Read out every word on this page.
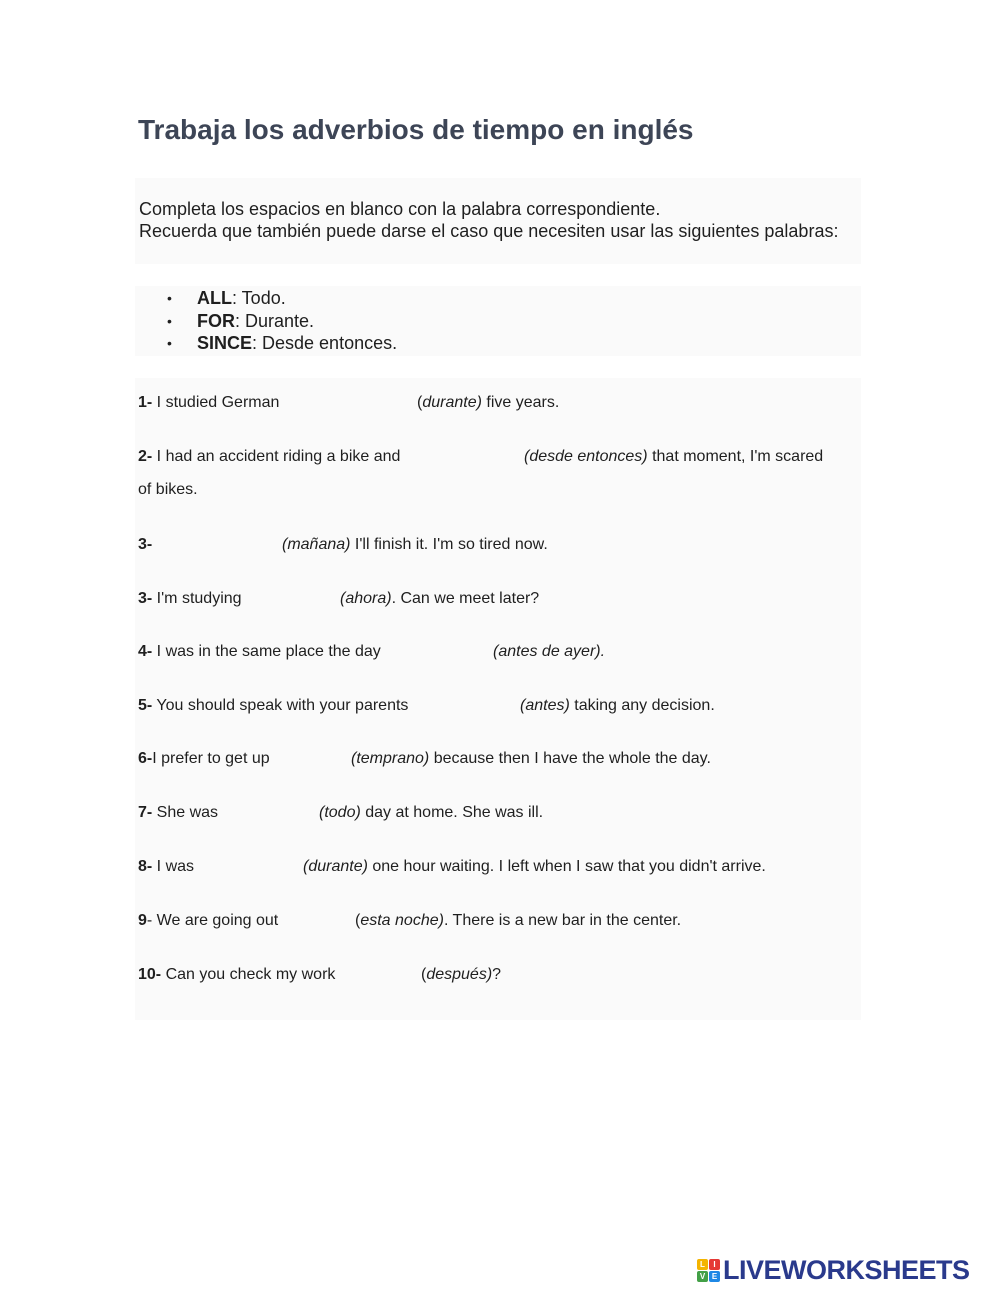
Trabaja los adverbios de tiempo en inglés

Completa los espacios en blanco con la palabra correspondiente.

Recuerda que también puede darse el caso que necesiten usar las siguientes palabras:

• ALL: Todo.
• FOR: Durante.
• SINCE: Desde entonces.
1- I studied German	(durante) five years.
2- I had an accident riding a bike and	(desde entonces) that moment, I'm scared
of bikes.
3-	(mañana) I'll finish it. I'm so tired now.
3- I'm studying	(ahora). Can we meet later?
4- I was in the same place the day	(antes de ayer).
5- You should speak with your parents	(antes) taking any decision.
6-I prefer to get up	(temprano) because then I have the whole the day.
7- She was	(todo) day at home. She was ill.
8- I was	(durante) one hour waiting. I left when I saw that you didn't arrive.
9- We are going out	(esta noche). There is a new bar in the center.
10- Can you check my work	(después)?
L	I
V E LIVEWORKSHEETS
